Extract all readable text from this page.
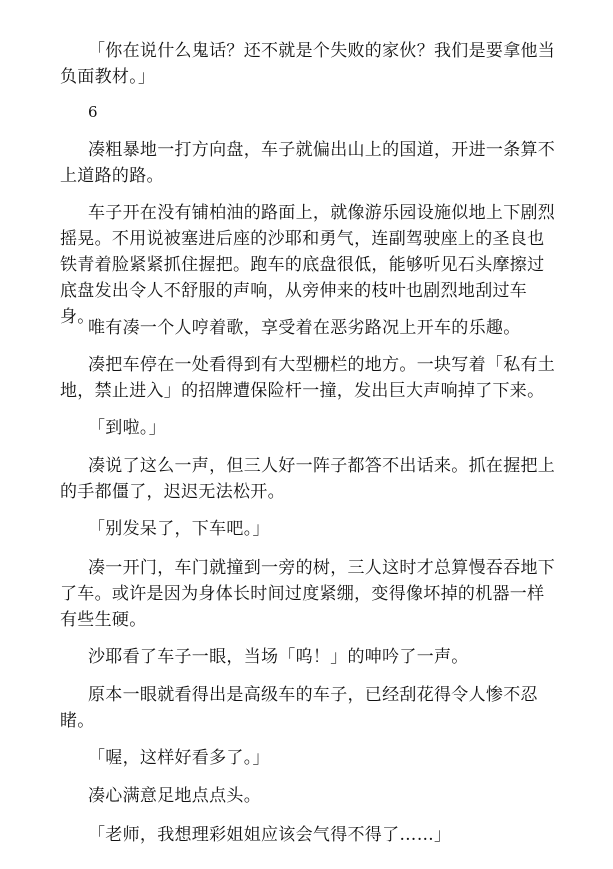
「你在说什么鬼话？还不就是个失败的家伙？我们是要拿他当负面教材。」

6

凑粗暴地一打方向盘，车子就偏出山上的国道，开进一条算不上道路的路。

车子开在没有铺柏油的路面上，就像游乐园设施似地上下剧烈摇晃。不用说被塞进后座的沙耶和勇气，连副驾驶座上的圣良也铁青着脸紧紧抓住握把。跑车的底盘很低，能够听见石头摩擦过底盘发出令人不舒服的声响，从旁伸来的枝叶也剧烈地刮过车身。

唯有凑一个人哼着歌，享受着在恶劣路况上开车的乐趣。

凑把车停在一处看得到有大型栅栏的地方。一块写着「私有土地，禁止进入」的招牌遭保险杆一撞，发出巨大声响掉了下来。

「到啦。」

凑说了这么一声，但三人好一阵子都答不出话来。抓在握把上的手都僵了，迟迟无法松开。

「别发呆了，下车吧。」

凑一开门，车门就撞到一旁的树，三人这时才总算慢吞吞地下了车。或许是因为身体长时间过度紧绷，变得像坏掉的机器一样有些生硬。

沙耶看了车子一眼，当场「呜！」的呻吟了一声。

原本一眼就看得出是高级车的车子，已经刮花得令人惨不忍睹。

「喔，这样好看多了。」

凑心满意足地点点头。

「老师，我想理彩姐姐应该会气得不得了……」
